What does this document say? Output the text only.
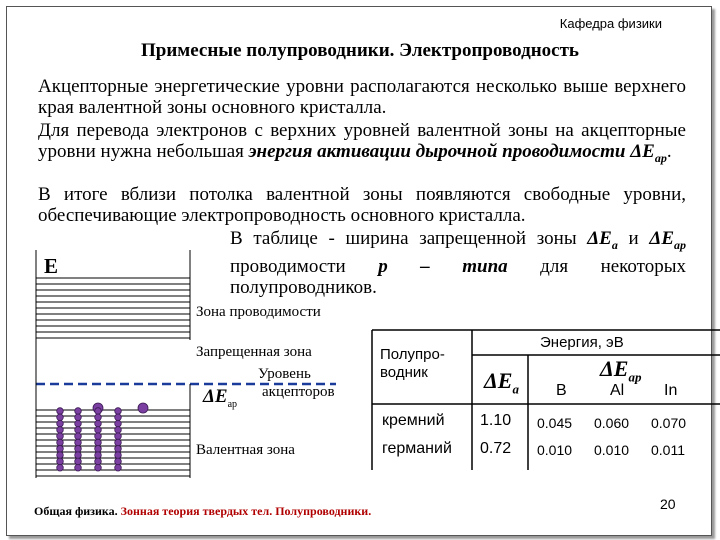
Кафедра физики
Примесные полупроводники. Электропроводность
Акцепторные энергетические уровни располагаются несколько выше верхнего края валентной зоны основного кристалла.
Для перевода электронов с верхних уровней валентной зоны на акцепторные уровни нужна небольшая энергия активации дырочной проводимости $\Delta E_{ap}$.
В итоге вблизи потолка валентной зоны появляются свободные уровни, обеспечивающие электропроводность основного кристалла.
В таблице - ширина запрещенной зоны $\Delta E_a$ и $\Delta E_{ap}$ проводимости p – типа для некоторых полупроводников.
E
Зона проводимости
Запрещенная зона
Уровень
акцепторов
$\Delta E_{ap}$
Валентная зона
Полупро-
водник
Энергия, эВ
$\Delta E_{ap}$
$\Delta E_a$ B	Al In
кремний 1.10 0.045 0.060 0.070
германий 0.72 0.010 0.010 0.011
Общая физика. Зонная теория твердых тел. Полупроводники.	20
